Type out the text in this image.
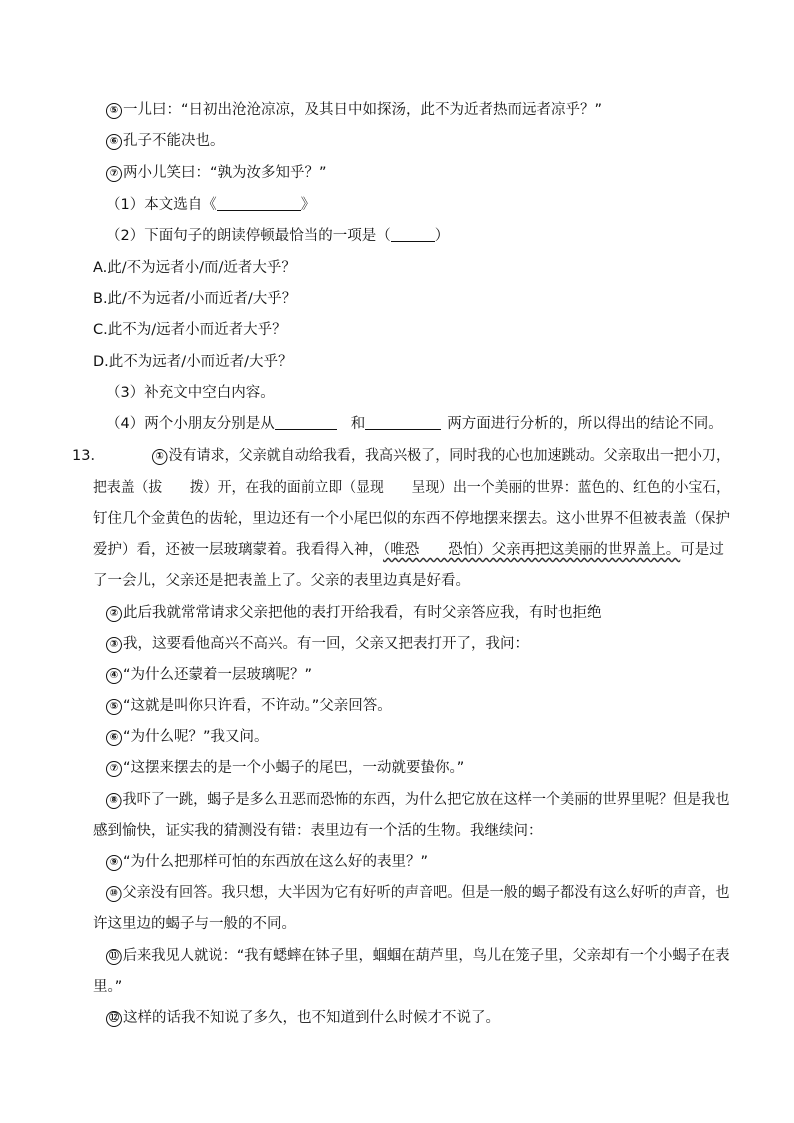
⑤ 一儿曰：“日初出沧沧凉凉，及其日中如探汤，此不为近者热而远者凉乎？”
⑥ 孔子不能决也。
⑦ 两小儿笑曰：“孰为汝多知乎？”
（1）本文选自《	》
（2）下面句子的朗读停顿最恰当的一项是（	）
A.此/不为远者小/而/近者大乎？
B.此/不为远者/小而近者/大乎？
C.此不为/远者小而近者大乎？
D.此不为远者/小而近者/大乎？
（3）补充文中空白内容。
（4）两个小朋友分别是从	和	两方面进行分析的，所以得出的结论不同。
13．	① 没有请求，父亲就自动给我看，我高兴极了，同时我的心也加速跳动。父亲取出一把小刀，
把表盖（拔　　拨）开，在我的面前立即（显现　　呈现）出一个美丽的世界：蓝色的、红色的小宝石，
钉住几个金黄色的齿轮，里边还有一个小尾巴似的东西不停地摆来摆去。这小世界不但被表盖（保护
爱护）看，还被一层玻璃蒙着。我看得入神，（唯恐　　恐怕）父亲再把这美丽的世界盖上。可是过
了一会儿，父亲还是把表盖上了。父亲的表里边真是好看。
② 此后我就常常请求父亲把他的表打开给我看，有时父亲答应我，有时也拒绝
③ 我，这要看他高兴不高兴。有一回，父亲又把表打开了，我问：
④ “为什么还蒙着一层玻璃呢？”
⑤ “这就是叫你只许看，不许动。”父亲回答。
⑥ “为什么呢？”我又问。
⑦ “这摆来摆去的是一个小蝎子的尾巴，一动就要蛰你。”
⑧ 我吓了一跳，蝎子是多么丑恶而恐怖的东西，为什么把它放在这样一个美丽的世界里呢？但是我也
感到愉快，证实我的猜测没有错：表里边有一个活的生物。我继续问：
⑨ “为什么把那样可怕的东西放在这么好的表里？”
⑩ 父亲没有回答。我只想，大半因为它有好听的声音吧。但是一般的蝎子都没有这么好听的声音，也
许这里边的蝎子与一般的不同。
⑪ 后来我见人就说：“我有蟋蟀在钵子里，蝈蝈在葫芦里，鸟儿在笼子里，父亲却有一个小蝎子在表
里。”
⑫ 这样的话我不知说了多久，也不知道到什么时候才不说了。
